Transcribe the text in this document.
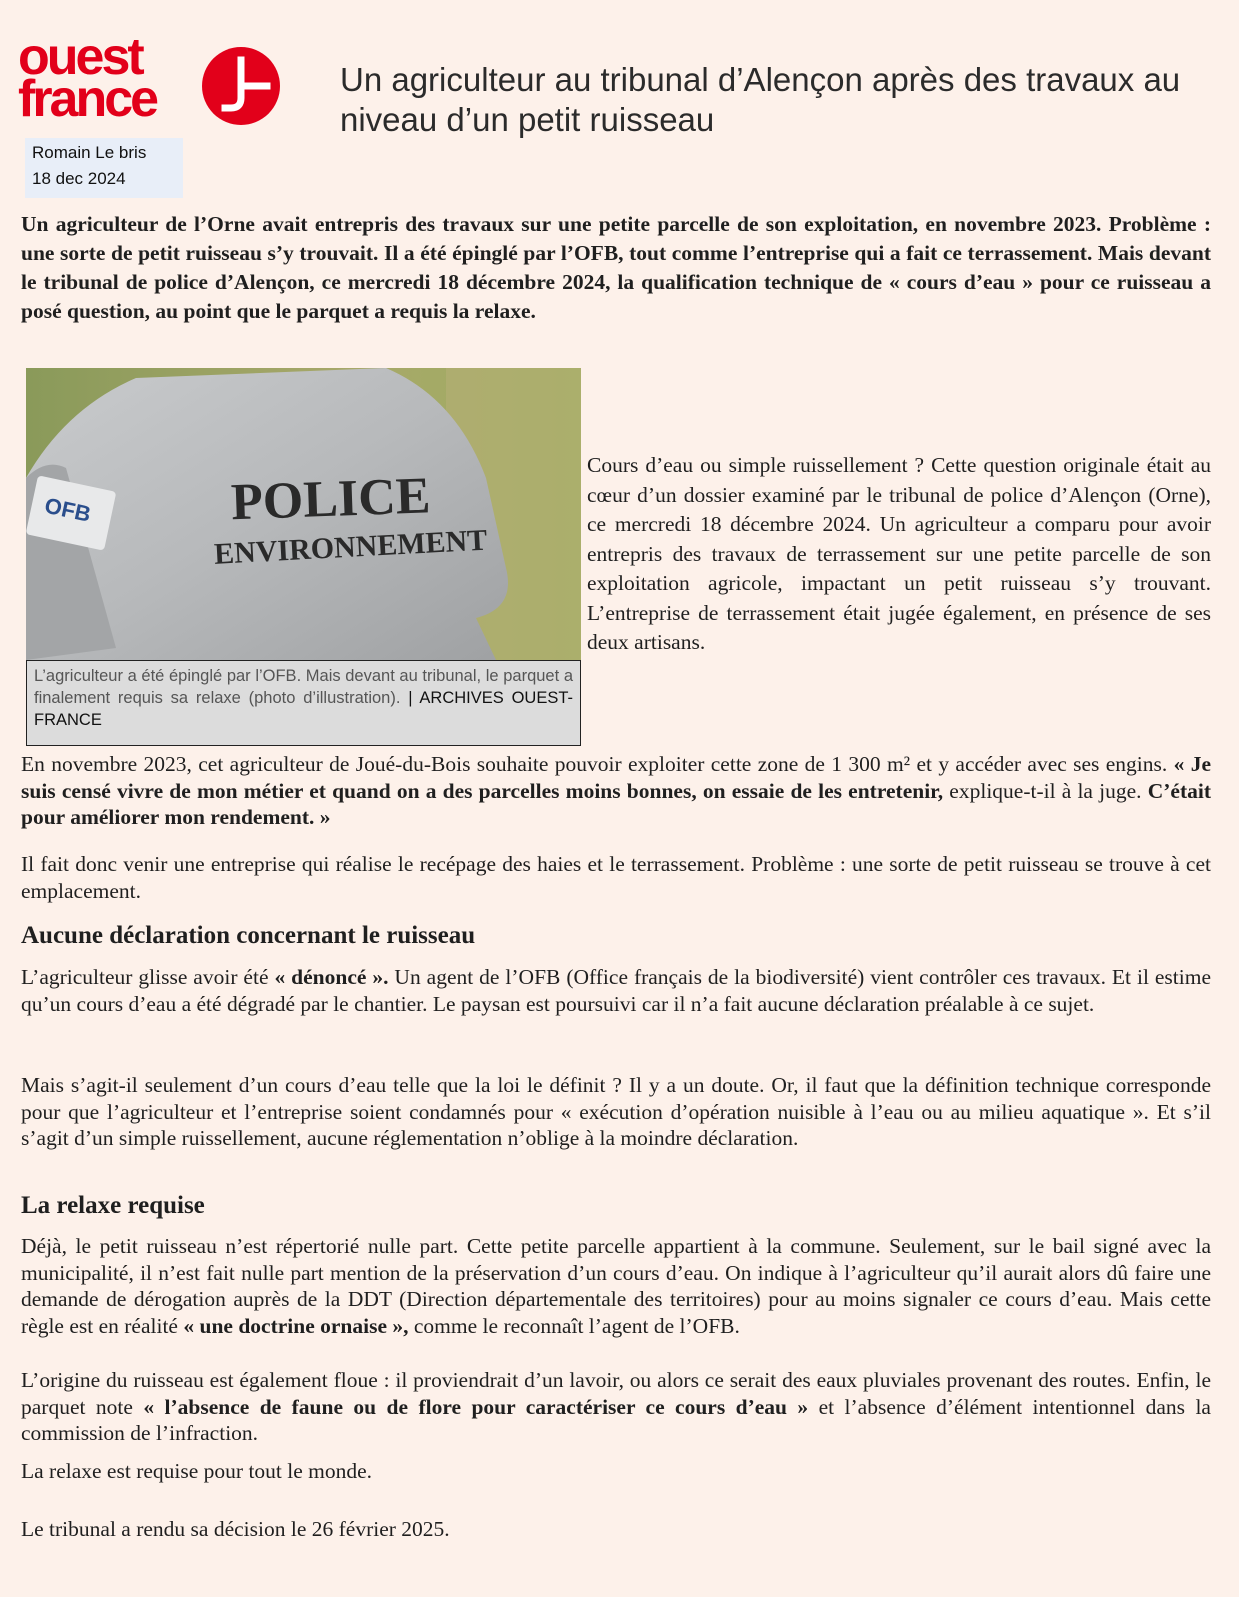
ouest
france
Romain Le bris
18 dec 2024
Un agriculteur au tribunal d’Alençon après des travaux au niveau d’un petit ruisseau

Un agriculteur de l’Orne avait entrepris des travaux sur une petite parcelle de son exploitation, en novembre 2023. Problème : une sorte de petit ruisseau s’y trouvait. Il a été épinglé par l’OFB, tout comme l’entreprise qui a fait ce terrassement. Mais devant le tribunal de police d’Alençon, ce mercredi 18 décembre 2024, la qualification technique de « cours d’eau » pour ce ruisseau a posé question, au point que le parquet a requis la relaxe.

OFB	POLICE
ENVIRONNEMENT
L’agriculteur a été épinglé par l’OFB. Mais devant au tribunal, le parquet a finalement requis sa relaxe (photo d’illustration). | ARCHIVES OUEST-FRANCE

Cours d’eau ou simple ruissellement ? Cette question originale était au cœur d’un dossier examiné par le tribunal de police d’Alençon (Orne), ce mercredi 18 décembre 2024. Un agriculteur a comparu pour avoir entrepris des travaux de terrassement sur une petite parcelle de son exploitation agricole, impactant un petit ruisseau s’y trouvant. L’entreprise de terrassement était jugée également, en présence de ses deux artisans.

En novembre 2023, cet agriculteur de Joué-du-Bois souhaite pouvoir exploiter cette zone de 1 300 m² et y accéder avec ses engins. « Je suis censé vivre de mon métier et quand on a des parcelles moins bonnes, on essaie de les entretenir, explique-t-il à la juge. C’était pour améliorer mon rendement. »

Il fait donc venir une entreprise qui réalise le recépage des haies et le terrassement. Problème : une sorte de petit ruisseau se trouve à cet emplacement.

Aucune déclaration concernant le ruisseau

L’agriculteur glisse avoir été « dénoncé ». Un agent de l’OFB (Office français de la biodiversité) vient contrôler ces travaux. Et il estime qu’un cours d’eau a été dégradé par le chantier. Le paysan est poursuivi car il n’a fait aucune déclaration préalable à ce sujet.

Mais s’agit-il seulement d’un cours d’eau telle que la loi le définit ? Il y a un doute. Or, il faut que la définition technique corresponde pour que l’agriculteur et l’entreprise soient condamnés pour « exécution d’opération nuisible à l’eau ou au milieu aquatique ». Et s’il s’agit d’un simple ruissellement, aucune réglementation n’oblige à la moindre déclaration.

La relaxe requise

Déjà, le petit ruisseau n’est répertorié nulle part. Cette petite parcelle appartient à la commune. Seulement, sur le bail signé avec la municipalité, il n’est fait nulle part mention de la préservation d’un cours d’eau. On indique à l’agriculteur qu’il aurait alors dû faire une demande de dérogation auprès de la DDT (Direction départementale des territoires) pour au moins signaler ce cours d’eau. Mais cette règle est en réalité « une doctrine ornaise », comme le reconnaît l’agent de l’OFB.

L’origine du ruisseau est également floue : il proviendrait d’un lavoir, ou alors ce serait des eaux pluviales provenant des routes. Enfin, le parquet note « l’absence de faune ou de flore pour caractériser ce cours d’eau » et l’absence d’élément intentionnel dans la commission de l’infraction.

La relaxe est requise pour tout le monde.

Le tribunal a rendu sa décision le 26 février 2025.
